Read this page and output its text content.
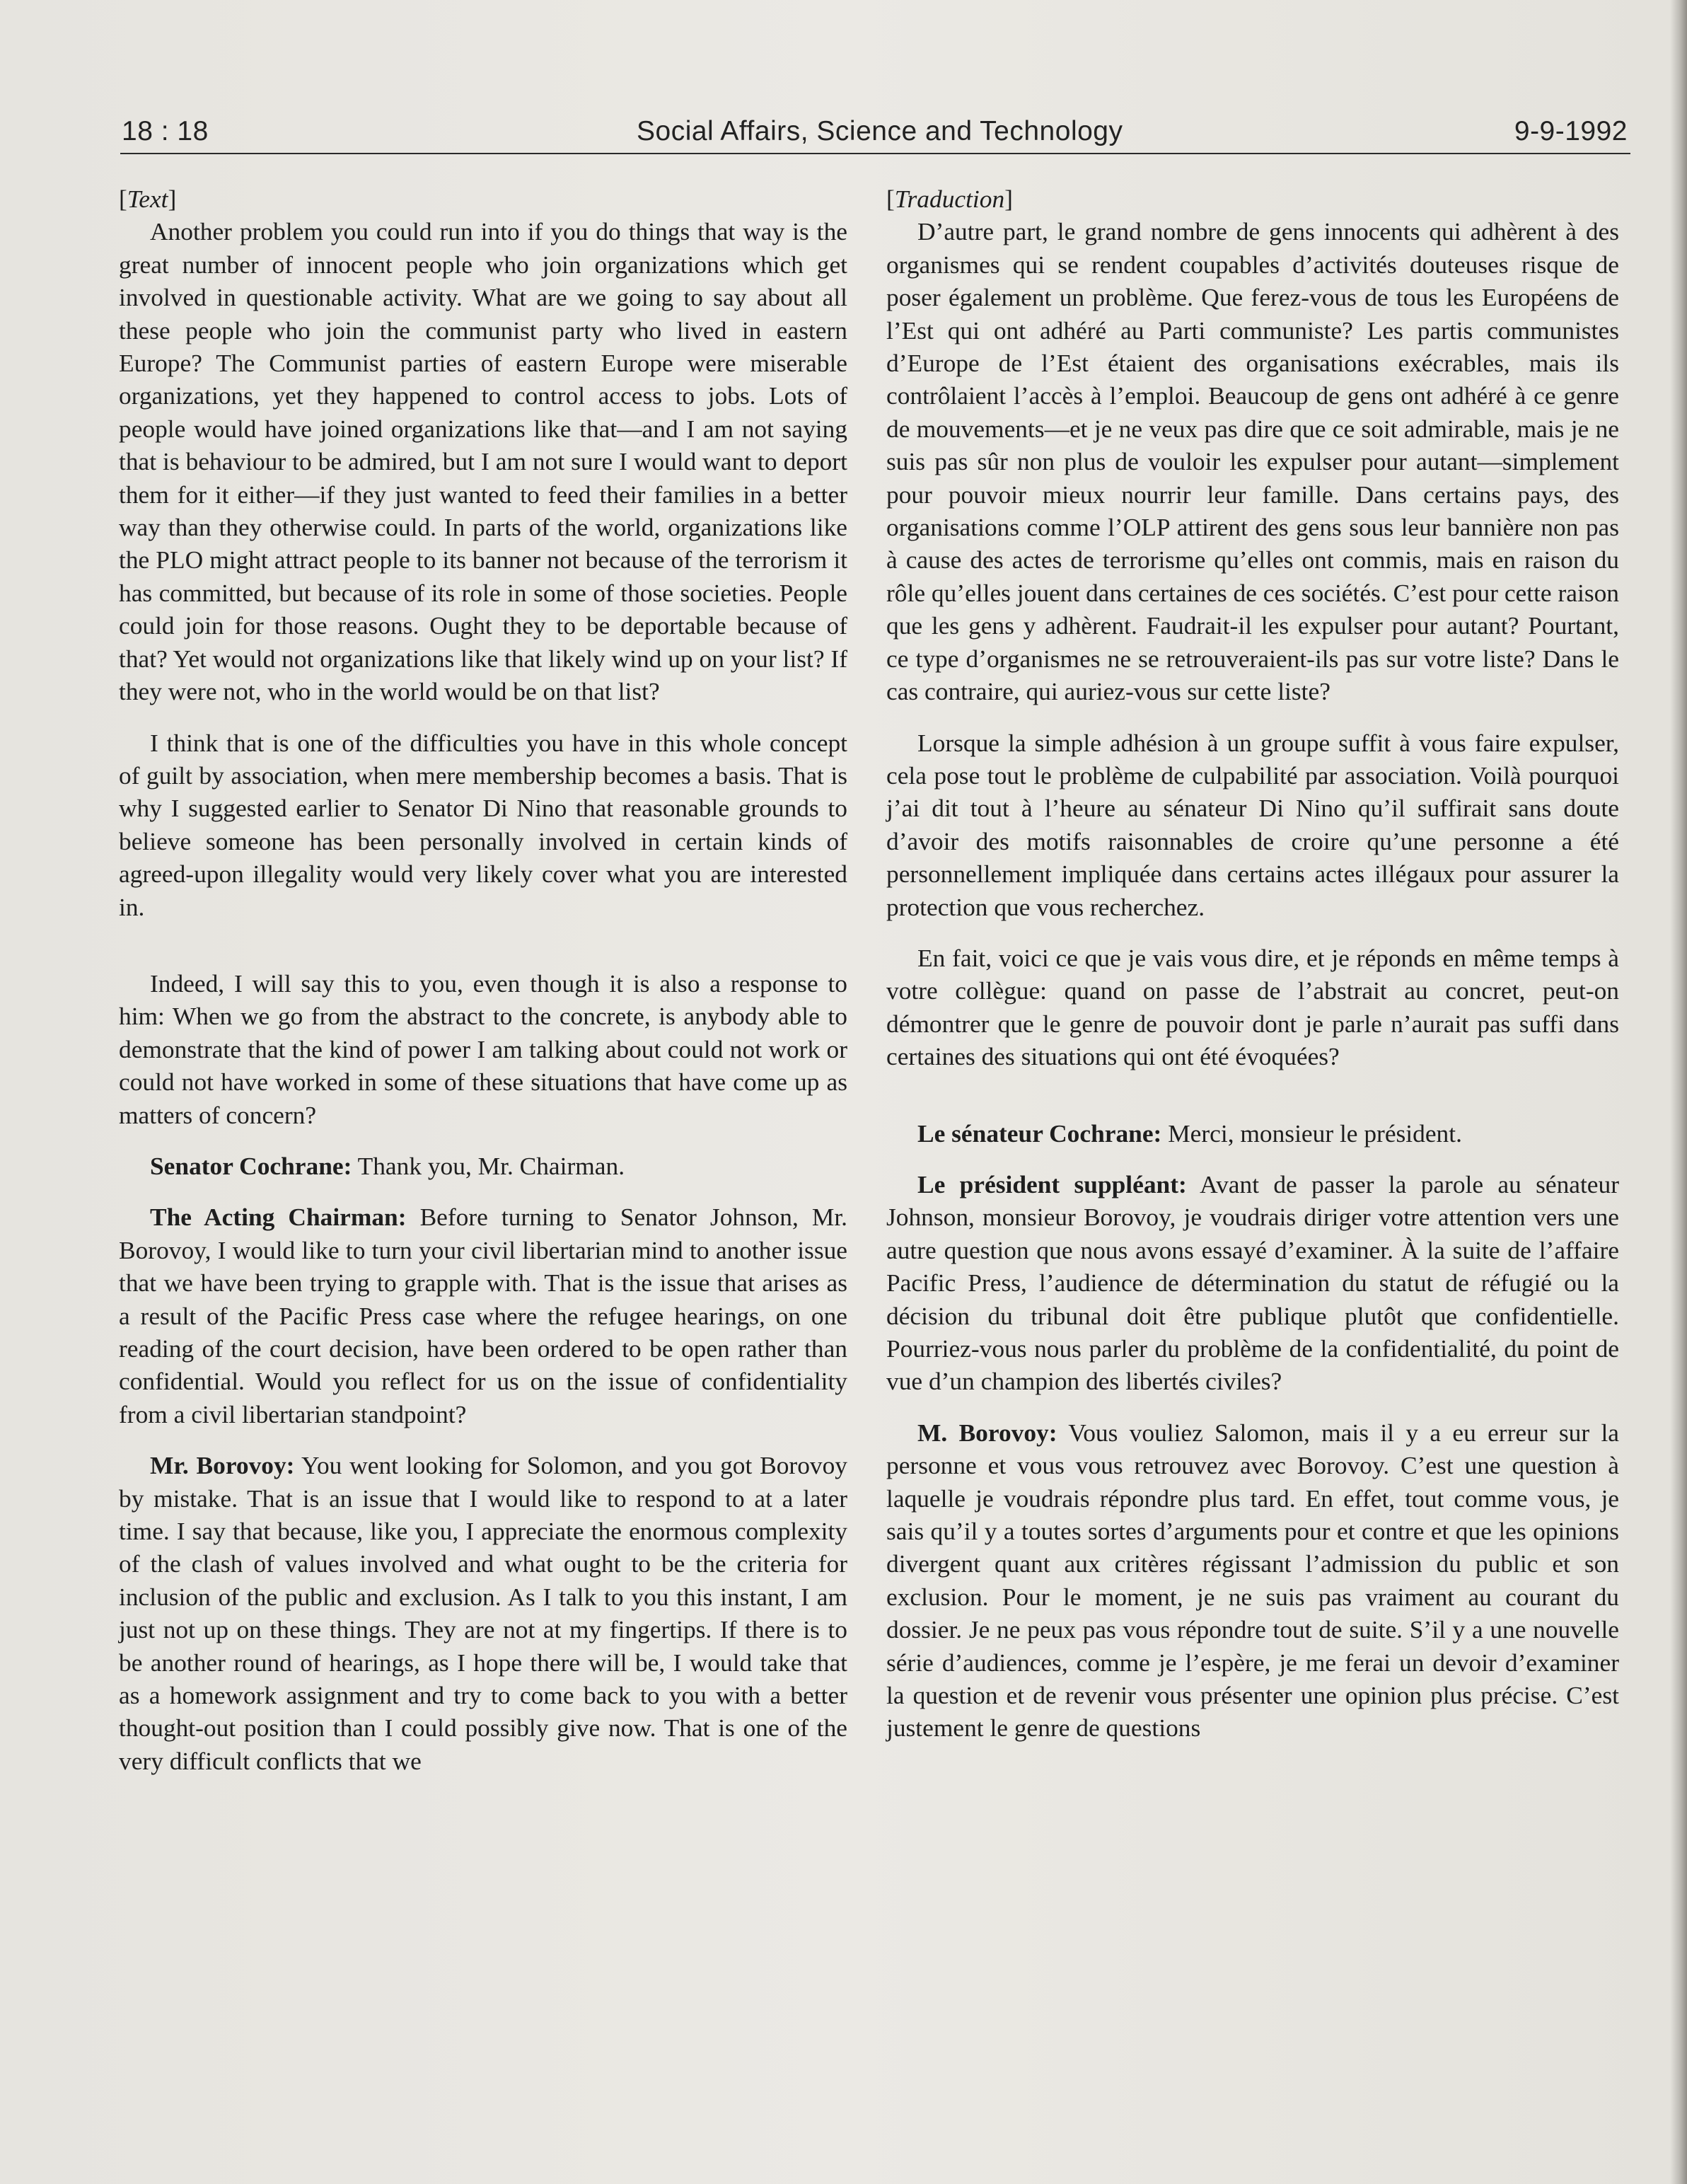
18 : 18	Social Affairs, Science and Technology	9-9-1992

[Text]

Another problem you could run into if you do things that way is the great number of innocent people who join organizations which get involved in questionable activity. What are we going to say about all these people who join the communist party who lived in eastern Europe? The Communist parties of eastern Europe were miserable organizations, yet they happened to control access to jobs. Lots of people would have joined organizations like that—and I am not saying that is behaviour to be admired, but I am not sure I would want to deport them for it either—if they just wanted to feed their families in a better way than they otherwise could. In parts of the world, organizations like the PLO might attract people to its banner not because of the terrorism it has committed, but because of its role in some of those societies. People could join for those reasons. Ought they to be deportable because of that? Yet would not organizations like that likely wind up on your list? If they were not, who in the world would be on that list?

I think that is one of the difficulties you have in this whole concept of guilt by association, when mere membership becomes a basis. That is why I suggested earlier to Senator Di Nino that reasonable grounds to believe someone has been personally involved in certain kinds of agreed-upon illegality would very likely cover what you are interested in.

Indeed, I will say this to you, even though it is also a response to him: When we go from the abstract to the concrete, is anybody able to demonstrate that the kind of power I am talking about could not work or could not have worked in some of these situations that have come up as matters of concern?

Senator Cochrane: Thank you, Mr. Chairman.

The Acting Chairman: Before turning to Senator Johnson, Mr. Borovoy, I would like to turn your civil libertarian mind to another issue that we have been trying to grapple with. That is the issue that arises as a result of the Pacific Press case where the refugee hearings, on one reading of the court decision, have been ordered to be open rather than confidential. Would you reflect for us on the issue of confidentiality from a civil libertarian standpoint?

Mr. Borovoy: You went looking for Solomon, and you got Borovoy by mistake. That is an issue that I would like to respond to at a later time. I say that because, like you, I appreciate the enormous complexity of the clash of values involved and what ought to be the criteria for inclusion of the public and exclusion. As I talk to you this instant, I am just not up on these things. They are not at my fingertips. If there is to be another round of hearings, as I hope there will be, I would take that as a homework assignment and try to come back to you with a better thought-out position than I could possibly give now. That is one of the very difficult conflicts that we

[Traduction]

D’autre part, le grand nombre de gens innocents qui adhèrent à des organismes qui se rendent coupables d’activités douteuses risque de poser également un problème. Que ferez-vous de tous les Européens de l’Est qui ont adhéré au Parti communiste? Les partis communistes d’Europe de l’Est étaient des organisations exécrables, mais ils contrôlaient l’accès à l’emploi. Beaucoup de gens ont adhéré à ce genre de mouvements—et je ne veux pas dire que ce soit admirable, mais je ne suis pas sûr non plus de vouloir les expulser pour autant—simplement pour pouvoir mieux nourrir leur famille. Dans certains pays, des organisations comme l’OLP attirent des gens sous leur bannière non pas à cause des actes de terrorisme qu’elles ont commis, mais en raison du rôle qu’elles jouent dans certaines de ces sociétés. C’est pour cette raison que les gens y adhèrent. Faudrait-il les expulser pour autant? Pourtant, ce type d’organismes ne se retrouveraient-ils pas sur votre liste? Dans le cas contraire, qui auriez-vous sur cette liste?

Lorsque la simple adhésion à un groupe suffit à vous faire expulser, cela pose tout le problème de culpabilité par association. Voilà pourquoi j’ai dit tout à l’heure au sénateur Di Nino qu’il suffirait sans doute d’avoir des motifs raisonnables de croire qu’une personne a été personnellement impliquée dans certains actes illégaux pour assurer la protection que vous recherchez.

En fait, voici ce que je vais vous dire, et je réponds en même temps à votre collègue: quand on passe de l’abstrait au concret, peut-on démontrer que le genre de pouvoir dont je parle n’aurait pas suffi dans certaines des situations qui ont été évoquées?

Le sénateur Cochrane: Merci, monsieur le président.

Le président suppléant: Avant de passer la parole au sénateur Johnson, monsieur Borovoy, je voudrais diriger votre attention vers une autre question que nous avons essayé d’examiner. À la suite de l’affaire Pacific Press, l’audience de détermination du statut de réfugié ou la décision du tribunal doit être publique plutôt que confidentielle. Pourriez-vous nous parler du problème de la confidentialité, du point de vue d’un champion des libertés civiles?

M. Borovoy: Vous vouliez Salomon, mais il y a eu erreur sur la personne et vous vous retrouvez avec Borovoy. C’est une question à laquelle je voudrais répondre plus tard. En effet, tout comme vous, je sais qu’il y a toutes sortes d’arguments pour et contre et que les opinions divergent quant aux critères régissant l’admission du public et son exclusion. Pour le moment, je ne suis pas vraiment au courant du dossier. Je ne peux pas vous répondre tout de suite. S’il y a une nouvelle série d’audiences, comme je l’espère, je me ferai un devoir d’examiner la question et de revenir vous présenter une opinion plus précise. C’est justement le genre de questions
